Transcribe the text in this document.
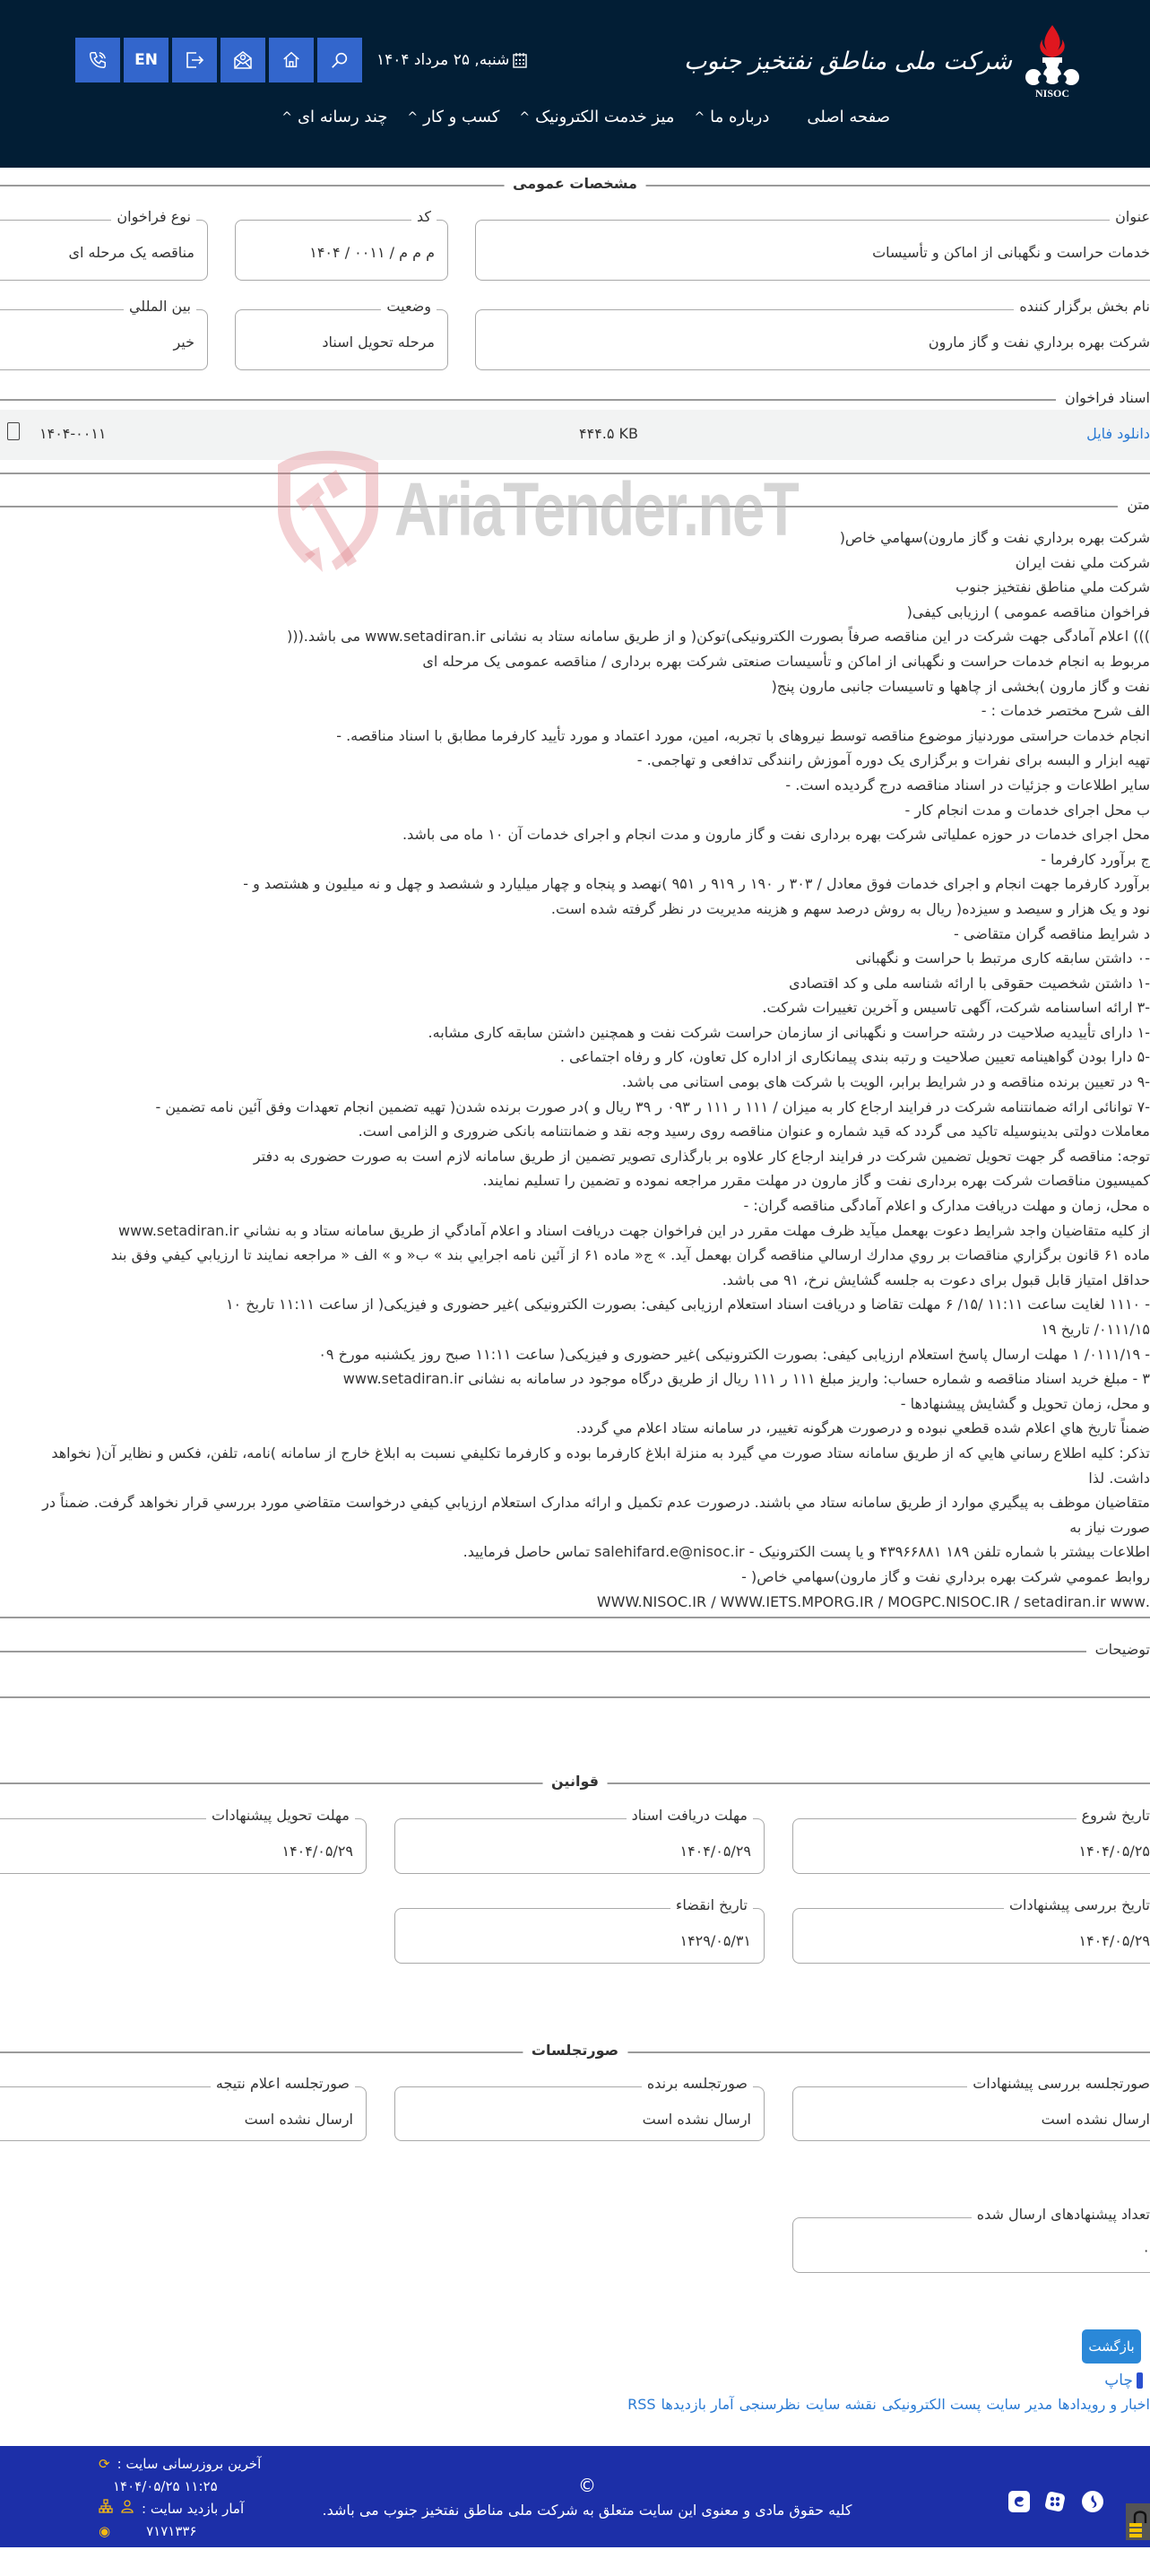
شرکت ملی مناطق نفتخیز جنوب
NISOC
EN	شنبه, ۲۵ مرداد ۱۴۰۴
صفحه اصلی
درباره ما
^
میز خدمت الکترونیک
^
کسب و کار
^
چند رسانه ای
^
مشخصات عمومی
عنوان
خدمات حراست و نگهبانی از اماکن و تأسیسات
کد
م م م / ۰۰۱۱ / ۱۴۰۴
نوع فراخوان
مناقصه یک مرحله ای
نام بخش برگزار کننده
شرکت بهره برداري نفت و گاز مارون
وضعیت
مرحله تحویل اسناد
بين المللي
خير
اسناد فراخوان
دانلود فایل
۴۴۴.۵ KB
۱۴۰۴-۰۰۱۱
متن
AriaTender.neT	شرکت بهره برداري نفت و گاز مارون)سهامي خاص(
شرکت ملي نفت ايران
شرکت ملي مناطق نفتخيز جنوب
فراخوان مناقصه عمومی ) ارزیابی کیفی(
))) اعلام آمادگی جهت شرکت در این مناقصه صرفاً بصورت الکترونیکی)توکن( و از طریق سامانه ستاد به نشانی www.setadiran.ir می باشد.(((
مربوط به انجام خدمات حراست و نگهبانی از اماکن و تأسیسات صنعتی شرکت بهره برداری / مناقصه عمومی یک مرحله ای
نفت و گاز مارون )بخشی از چاهها و تاسیسات جانبی مارون پنج(
الف شرح مختصر خدمات : -
انجام خدمات حراستی موردنیاز موضوع مناقصه توسط نیروهای با تجربه، امین، مورد اعتماد و مورد تأیید کارفرما مطابق با اسناد مناقصه. -
تهیه ابزار و البسه برای نفرات و برگزاری یک دوره آموزش رانندگی تدافعی و تهاجمی. -
سایر اطلاعات و جزئیات در اسناد مناقصه درج گردیده است. -
ب محل اجرای خدمات و مدت انجام کار -
محل اجرای خدمات در حوزه عملیاتی شرکت بهره برداری نفت و گاز مارون و مدت انجام و اجرای خدمات آن ۱۰ ماه می باشد.
ج برآورد کارفرما -
برآورد کارفرما جهت انجام و اجرای خدمات فوق معادل / ۳۰۳ ر ۱۹۰ ر ۹۱۹ ر ۹۵۱ )نهصد و پنجاه و چهار میلیارد و ششصد و چهل و نه میلیون و هشتصد و -
نود و یک هزار و سیصد و سیزده( ریال به روش درصد سهم و هزینه مدیریت در نظر گرفته شده است.
د شرایط مناقصه گران متقاضی -
-۰ داشتن سابقه کاری مرتبط با حراست و نگهبانی
-۱ داشتن شخصیت حقوقی با ارائه شناسه ملی و کد اقتصادی
-۳ ارائه اساسنامه شرکت، آگهی تاسیس و آخرین تغییرات شرکت.
-۱ دارای تأییدیه صلاحیت در رشته حراست و نگهبانی از سازمان حراست شرکت نفت و همچنین داشتن سابقه کاری مشابه.
-۵ دارا بودن گواهینامه تعیین صلاحیت و رتبه بندی پیمانکاری از اداره کل تعاون، کار و رفاه اجتماعی .
-۹ در تعیین برنده مناقصه و در شرایط برابر، الویت با شرکت های بومی استانی می باشد.
-۷ توانائی ارائه ضمانتنامه شرکت در فرایند ارجاع کار به میزان / ۱۱۱ ر ۱۱۱ ر ۰۹۳ ر ۳۹ ریال و )در صورت برنده شدن( تهیه تضمین انجام تعهدات وفق آئین نامه تضمین -
معاملات دولتی بدینوسیله تاکید می گردد که قید شماره و عنوان مناقصه روی رسید وجه نقد و ضمانتنامه بانکی ضروری و الزامی است.
توجه: مناقصه گر جهت تحویل تضمین شرکت در فرایند ارجاع کار علاوه بر بارگذاری تصویر تضمین از طریق سامانه لازم است به صورت حضوری به دفتر
کمیسیون مناقصات شرکت بهره برداری نفت و گاز مارون در مهلت مقرر مراجعه نموده و تضمین را تسلیم نمایند.
ه محل، زمان و مهلت دریافت مدارک و اعلام آمادگی مناقصه گران: -
از کلیه متقاضیان واجد شرایط دعوت بهعمل میآید ظرف مهلت مقرر در این فراخوان جهت دریافت اسناد و اعلام آمادگي از طريق سامانه ستاد و به نشاني www.setadiran.ir
ماده ۶۱ قانون برگزاري مناقصات بر روي مدارك ارسالي مناقصه گران بهعمل آيد. » ج« ماده ۶۱ از آئين نامه اجرايي بند » ب« و » الف « مراجعه نمايند تا ارزيابي كيفي وفق بند
حداقل امتیاز قابل قبول برای دعوت به جلسه گشایش نرخ، ۹۱ می باشد.
- ۱۱۱۰ لغایت ساعت ۱۱:۱۱ /۱۵/ ۶ مهلت تقاضا و دریافت اسناد استعلام ارزیابی کیفی: بصورت الکترونیکی )غیر حضوری و فیزیکی( از ساعت ۱۱:۱۱ تاریخ ۱۰
۰۱۱۱/۱۵/ تاریخ ۱۹
- ۰۱۱۱/۱۹/ ۱ مهلت ارسال پاسخ استعلام ارزیابی کیفی: بصورت الکترونیکی )غیر حضوری و فیزیکی( ساعت ۱۱:۱۱ صبح روز یکشنبه مورخ ۰۹
۳ - مبلغ خرید اسناد مناقصه و شماره حساب: واریز مبلغ ۱۱۱ ر ۱۱۱ ریال از طریق درگاه موجود در سامانه به نشانی www.setadiran.ir
و محل، زمان تحویل و گشایش پیشنهادها -
ضمناً تاريخ هاي اعلام شده قطعي نبوده و درصورت هرگونه تغيير، در سامانه ستاد اعلام مي گردد.
تذکر: کليه اطلاع رساني هايي که از طريق سامانه ستاد صورت مي گيرد به منزلة ابلاغ کارفرما بوده و کارفرما تکليفي نسبت به ابلاغ خارج از سامانه )نامه، تلفن، فکس و نظاير آن( نخواهد
داشت. لذا
متقاضيان موظف به پيگيري موارد از طريق سامانه ستاد مي باشند. درصورت عدم تکميل و ارائه مدارک استعلام ارزيابي کيفي درخواست متقاضي مورد بررسي قرار نخواهد گرفت. ضمناً در
صورت نياز به
اطلاعات بیشتر با شماره تلفن ۱۸۹ ۴۳۹۶۶۸۸۱ و یا پست الکترونیک - salehifard.e@nisoc.ir تماس حاصل فرمایید.
روابط عمومي شرکت بهره برداري نفت و گاز مارون)سهامي خاص( -
.WWW.NISOC.IR / WWW.IETS.MPORG.IR / MOGPC.NISOC.IR / setadiran.ir www
توضیحات
قوانین
تاریخ شروع
۱۴۰۴/۰۵/۲۵
مهلت دریافت اسناد
۱۴۰۴/۰۵/۲۹
مهلت تحویل پیشنهادات
۱۴۰۴/۰۵/۲۹
تاریخ بررسی پیشنهادات
۱۴۰۴/۰۵/۲۹
تاریخ انقضاء
۱۴۲۹/۰۵/۳۱
صورتجلسات
صورتجلسه بررسی پیشنهادات
ارسال نشده است
صورتجلسه برنده
ارسال نشده است
صورتجلسه اعلام نتیجه
ارسال نشده است
تعداد پیشنهادهای ارسال شده
۰
بازگشت
چاپ
اخبار و رویدادها
مدیر سایت
پست الکترونیکی
نقشه سایت
نظرسنجی
آمار بازدیدها
RSS
©
کلیه حقوق مادی و معنوی این سایت متعلق به شرکت ملی مناطق نفتخیز جنوب می باشد.
آخرین بروزرسانی سایت :
⟳
۱۱:۲۵ ۱۴۰۴/۰۵/۲۵
آمار بازدید سایت :
۷۱۷۱۳۳۶
◉
